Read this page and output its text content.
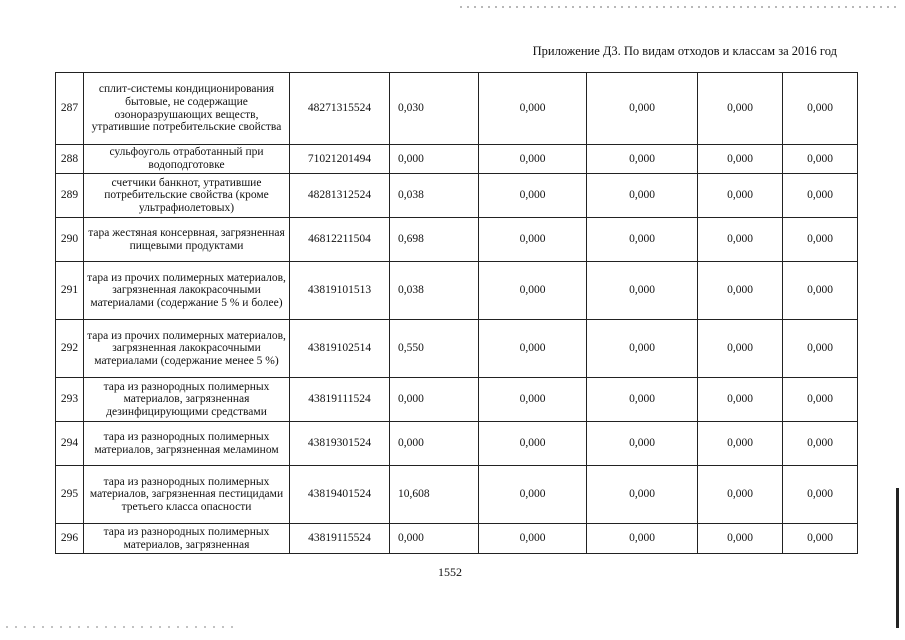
Приложение Д3. По видам отходов и классам за 2016 год
287	сплит-системы кондиционирования бытовые, не содержащие озоноразрушающих веществ, утратившие потребительские свойства	48271315524	0,030	0,000	0,000	0,000	0,000
288	сульфоуголь отработанный при водоподготовке	71021201494	0,000	0,000	0,000	0,000	0,000
289	счетчики банкнот, утратившие потребительские свойства (кроме ультрафиолетовых)	48281312524	0,038	0,000	0,000	0,000	0,000
290	тара жестяная консервная, загрязненная пищевыми продуктами	46812211504	0,698	0,000	0,000	0,000	0,000
291	тара из прочих полимерных материалов, загрязненная лакокрасочными материалами (содержание 5 % и более)	43819101513	0,038	0,000	0,000	0,000	0,000
292	тара из прочих полимерных материалов, загрязненная лакокрасочными материалами (содержание менее 5 %)	43819102514	0,550	0,000	0,000	0,000	0,000
293	тара из разнородных полимерных материалов, загрязненная дезинфицирующими средствами	43819111524	0,000	0,000	0,000	0,000	0,000
294	тара из разнородных полимерных материалов, загрязненная меламином	43819301524	0,000	0,000	0,000	0,000	0,000
295	тара из разнородных полимерных материалов, загрязненная пестицидами третьего класса опасности	43819401524	10,608	0,000	0,000	0,000	0,000
296	тара из разнородных полимерных материалов, загрязненная	43819115524	0,000	0,000	0,000	0,000	0,000
1552
